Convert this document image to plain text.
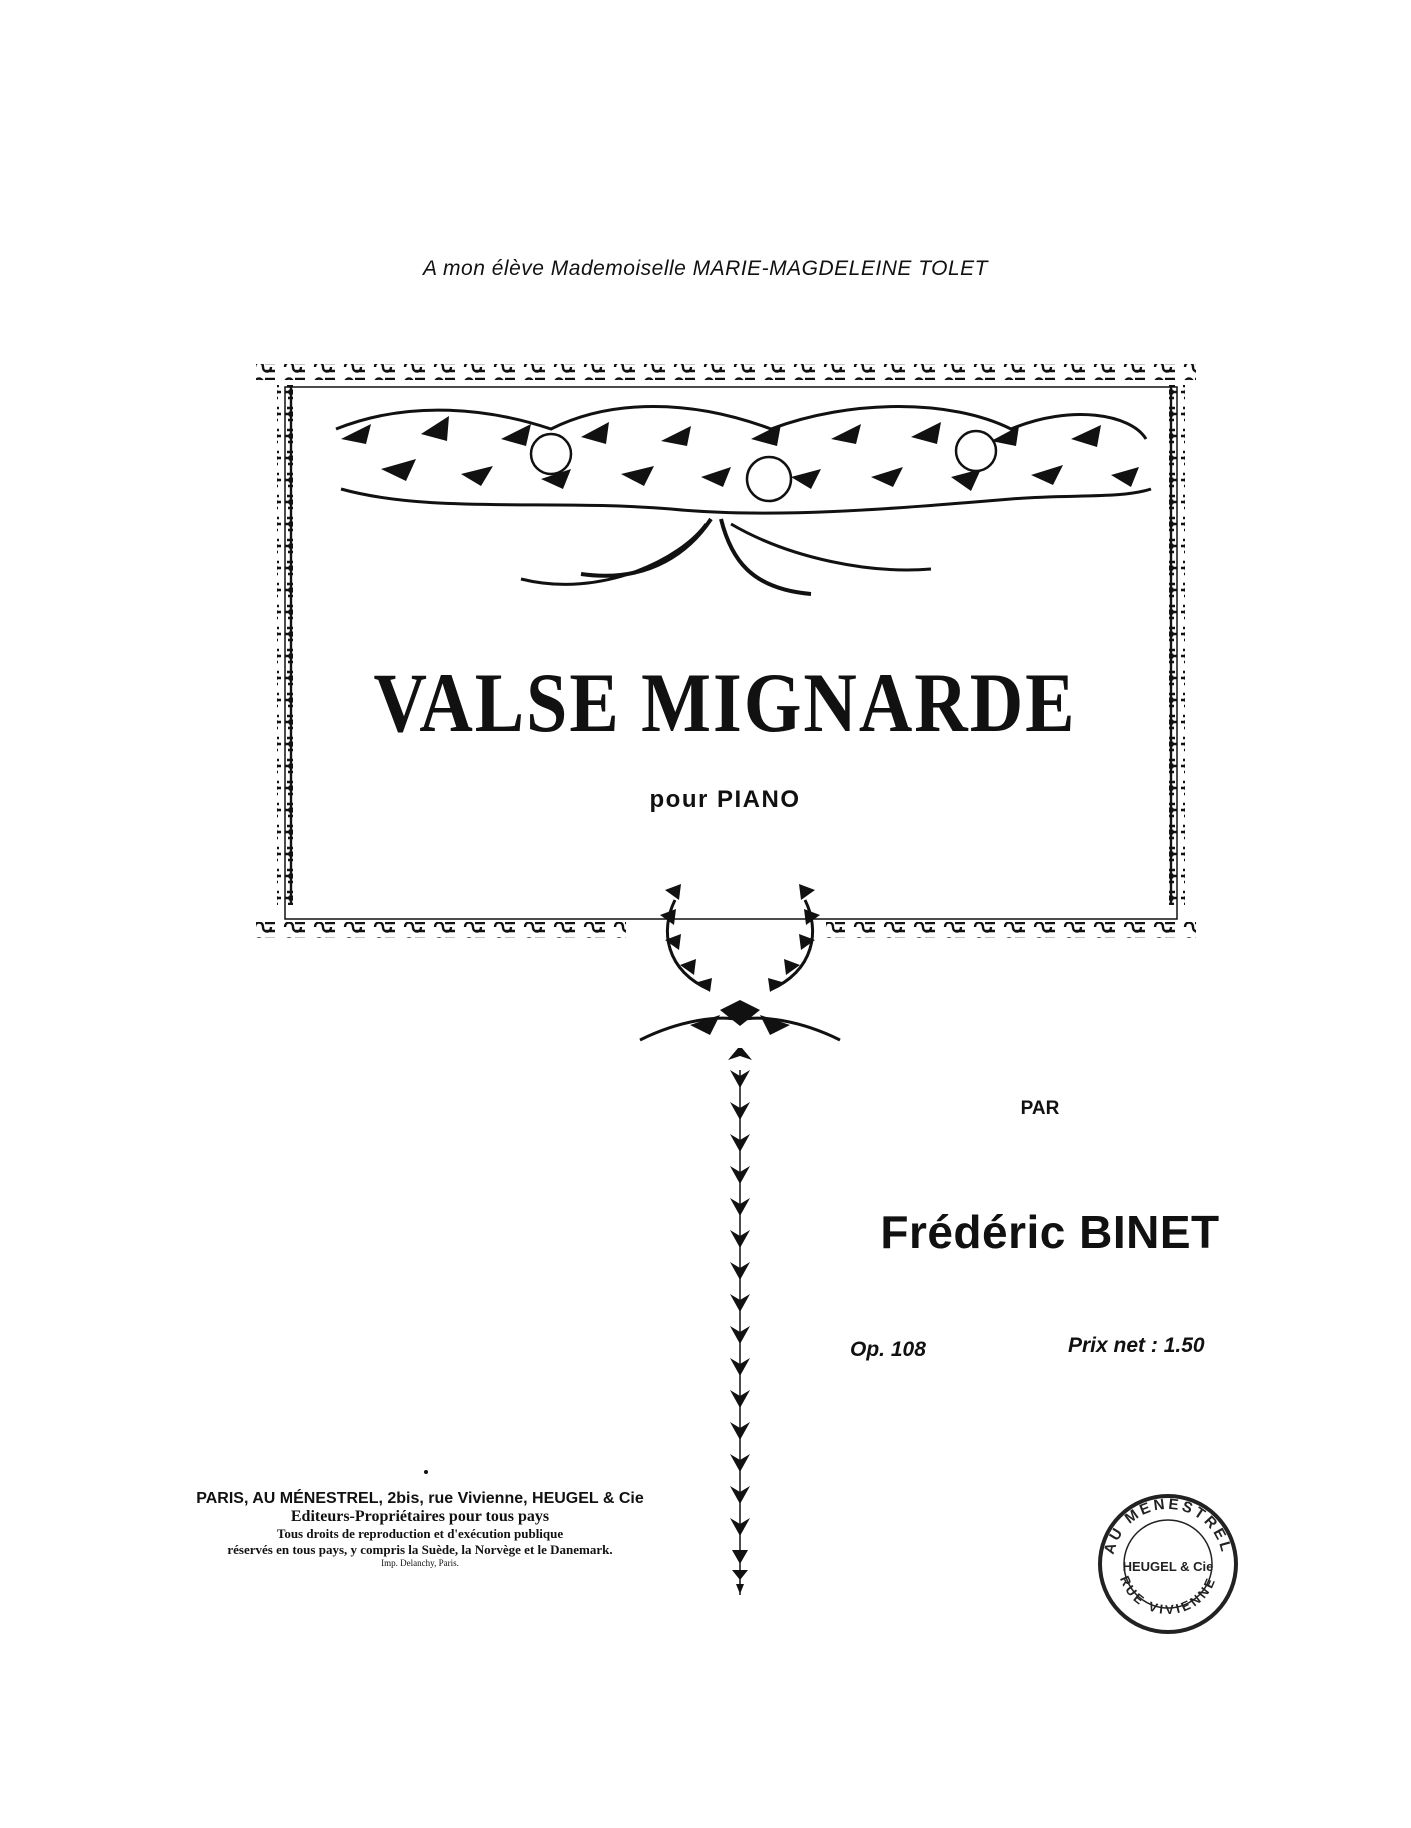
A mon élève Mademoiselle MARIE-MAGDELEINE TOLET
VALSE MIGNARDE
pour PIANO
PAR
Frédéric BINET
Op. 108	Prix net : 1.50
PARIS, AU MÉNESTREL, 2bis, rue Vivienne, HEUGEL & Cie
Editeurs-Propriétaires pour tous pays
Tous droits de reproduction et d'exécution publique
réservés en tous pays, y compris la Suède, la Norvège et le Danemark.
Imp. Delanchy, Paris.
AU MÉNESTREL
HEUGEL & Cie
RUE VIVIENNE
